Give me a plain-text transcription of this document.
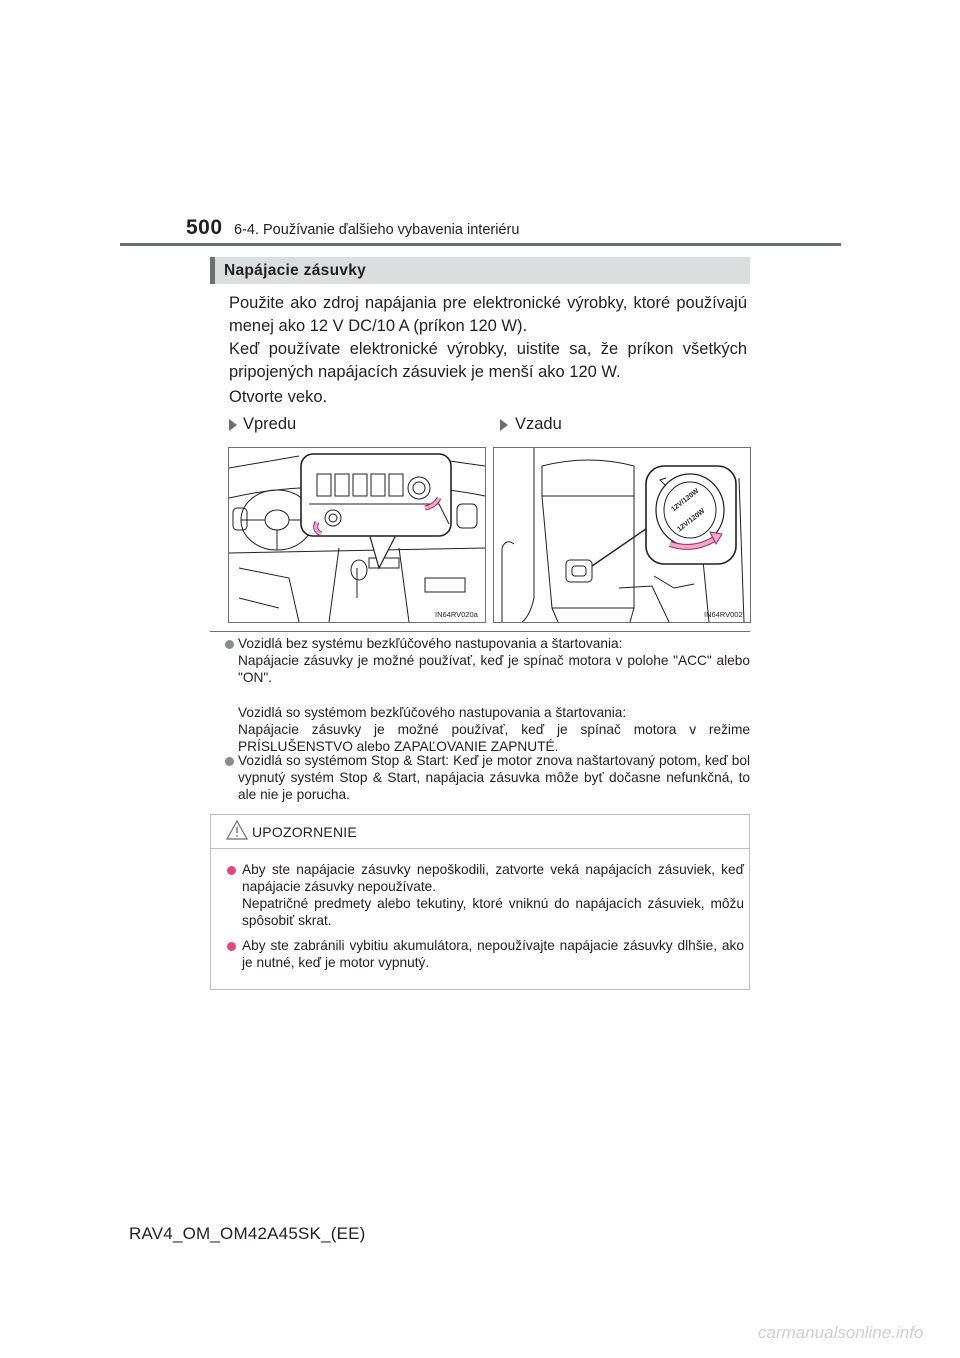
500 6-4. Používanie ďalšieho vybavenia interiéru
Napájacie zásuvky
Použite ako zdroj napájania pre elektronické výrobky, ktoré používajú menej ako 12 V DC/10 A (príkon 120 W).
Keď používate elektronické výrobky, uistite sa, že príkon všetkých pripojených napájacích zásuviek je menší ako 120 W.
Otvorte veko.
Vpredu	Vzadu
IN64RV020a
12V/120W
12V/120W
IN64RV002
Vozidlá bez systému bezkľúčového nastupovania a štartovania:
Napájacie zásuvky je možné používať, keď je spínač motora v polohe "ACC" alebo "ON".
Vozidlá so systémom bezkľúčového nastupovania a štartovania:
Napájacie zásuvky je možné používať, keď je spínač motora v režime PRÍSLUŠENSTVO alebo ZAPAĽOVANIE ZAPNUTÉ.
Vozidlá so systémom Stop & Start: Keď je motor znova naštartovaný potom, keď bol vypnutý systém Stop & Start, napájacia zásuvka môže byť dočasne nefunkčná, to ale nie je porucha.
UPOZORNENIE
Aby ste napájacie zásuvky nepoškodili, zatvorte veká napájacích zásuviek, keď napájacie zásuvky nepoužívate.
Nepatričné predmety alebo tekutiny, ktoré vniknú do napájacích zásuviek, môžu spôsobiť skrat.
Aby ste zabránili vybitiu akumulátora, nepoužívajte napájacie zásuvky dlhšie, ako je nutné, keď je motor vypnutý.
RAV4_OM_OM42A45SK_(EE)
carmanualsonline.info
